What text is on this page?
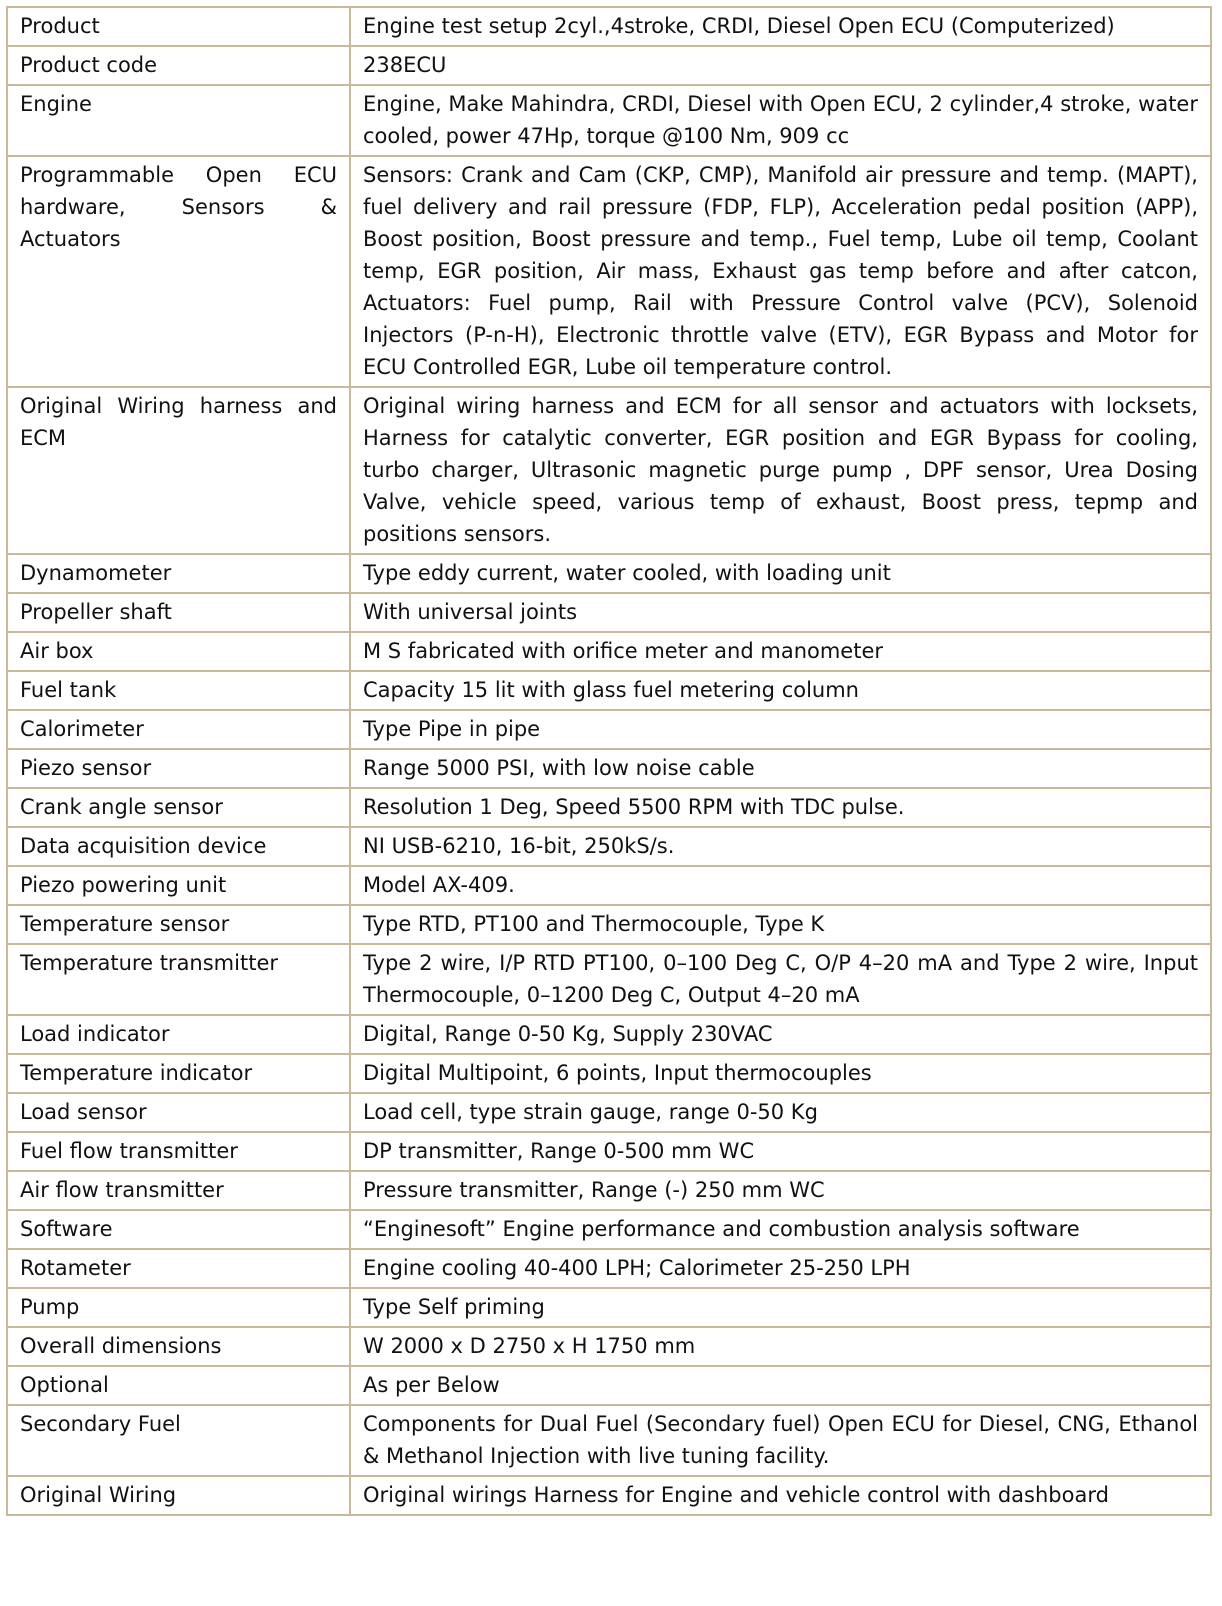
Product	Engine test setup 2cyl.,4stroke, CRDI, Diesel Open ECU (Computerized)
Product code	238ECU
Engine	Engine, Make Mahindra, CRDI, Diesel with Open ECU, 2 cylinder,4 stroke, water cooled, power 47Hp, torque @100 Nm, 909 cc
Programmable Open ECU hardware, Sensors & Actuators	Sensors: Crank and Cam (CKP, CMP), Manifold air pressure and temp. (MAPT), fuel delivery and rail pressure (FDP, FLP), Acceleration pedal position (APP), Boost position, Boost pressure and temp., Fuel temp, Lube oil temp, Coolant temp, EGR position, Air mass, Exhaust gas temp before and after catcon, Actuators: Fuel pump, Rail with Pressure Control valve (PCV), Solenoid Injectors (P-n-H), Electronic throttle valve (ETV), EGR Bypass and Motor for ECU Controlled EGR, Lube oil temperature control.
Original Wiring harness and ECM	Original wiring harness and ECM for all sensor and actuators with locksets, Harness for catalytic converter, EGR position and EGR Bypass for cooling, turbo charger, Ultrasonic magnetic purge pump , DPF sensor, Urea Dosing Valve, vehicle speed, various temp of exhaust, Boost press, tepmp and positions sensors.
Dynamometer	Type eddy current, water cooled, with loading unit
Propeller shaft	With universal joints
Air box	M S fabricated with orifice meter and manometer
Fuel tank	Capacity 15 lit with glass fuel metering column
Calorimeter	Type Pipe in pipe
Piezo sensor	Range 5000 PSI, with low noise cable
Crank angle sensor	Resolution 1 Deg, Speed 5500 RPM with TDC pulse.
Data acquisition device	NI USB-6210, 16-bit, 250kS/s.
Piezo powering unit	Model AX-409.
Temperature sensor	Type RTD, PT100 and Thermocouple, Type K
Temperature transmitter	Type 2 wire, I/P RTD PT100, 0–100 Deg C, O/P 4–20 mA and Type 2 wire, Input Thermocouple, 0–1200 Deg C, Output 4–20 mA
Load indicator	Digital, Range 0-50 Kg, Supply 230VAC
Temperature indicator	Digital Multipoint, 6 points, Input thermocouples
Load sensor	Load cell, type strain gauge, range 0-50 Kg
Fuel flow transmitter	DP transmitter, Range 0-500 mm WC
Air flow transmitter	Pressure transmitter, Range (-) 250 mm WC
Software	“Enginesoft” Engine performance and combustion analysis software
Rotameter	Engine cooling 40-400 LPH; Calorimeter 25-250 LPH
Pump	Type Self priming
Overall dimensions	W 2000 x D 2750 x H 1750 mm
Optional	As per Below
Secondary Fuel	Components for Dual Fuel (Secondary fuel) Open ECU for Diesel, CNG, Ethanol & Methanol Injection with live tuning facility.
Original Wiring	Original wirings Harness for Engine and vehicle control with dashboard
